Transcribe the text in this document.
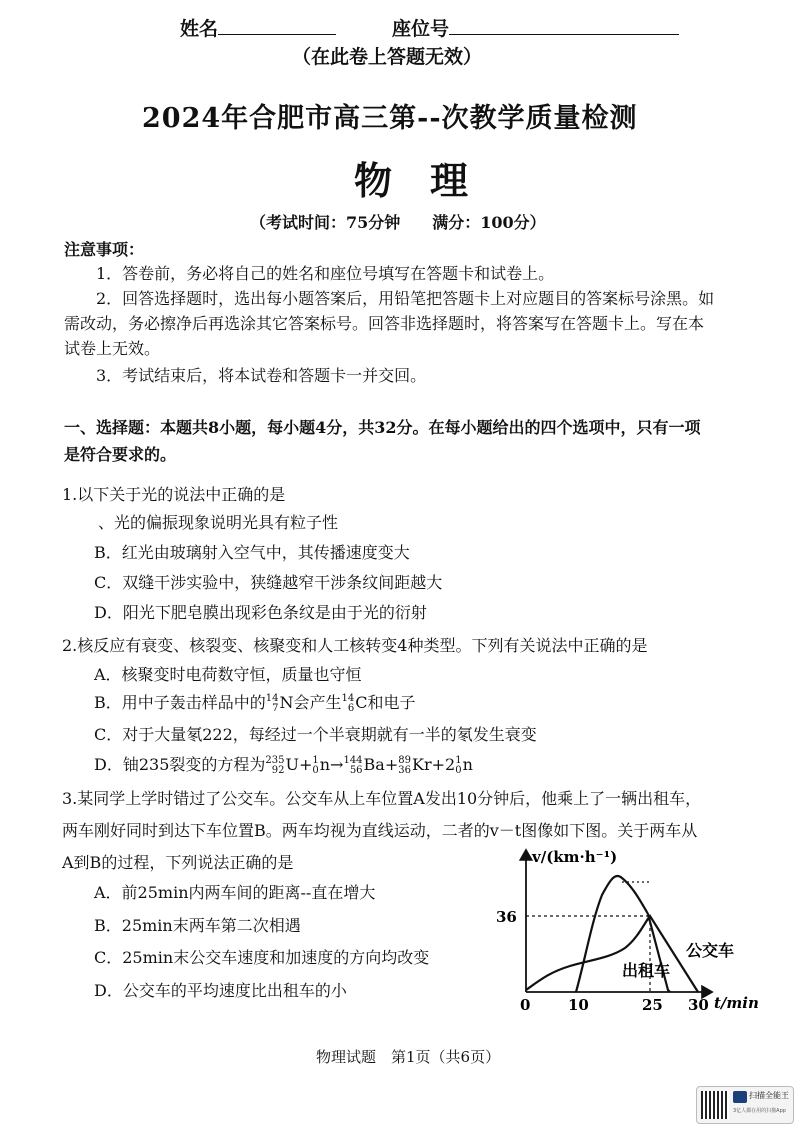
姓名	座位号
（在此卷上答题无效）
2024年合肥市高三第--次教学质量检测
物理
（考试时间：75分钟　　满分：100分）
注意事项：
1．答卷前，务必将自己的姓名和座位号填写在答题卡和试卷上。
2．回答选择题时，选出每小题答案后，用铅笔把答题卡上对应题目的答案标号涂黑。如
需改动，务必擦净后再选涂其它答案标号。回答非选择题时，将答案写在答题卡上。写在本
试卷上无效。
3．考试结束后，将本试卷和答题卡一并交回。
一、选择题：本题共8小题，每小题4分，共32分。在每小题给出的四个选项中，只有一项
是符合要求的。
1.以下关于光的说法中正确的是
、光的偏振现象说明光具有粒子性
B．红光由玻璃射入空气中，其传播速度变大
C．双缝干涉实验中，狭缝越窄干涉条纹间距越大
D．阳光下肥皂膜出现彩色条纹是由于光的衍射
2.核反应有衰变、核裂变、核聚变和人工核转变4种类型。下列有关说法中正确的是
A．核聚变时电荷数守恒，质量也守恒
B．用中子轰击样品中的 14
7 N会产生 14
6 C和电子
C．对于大量氡222，每经过一个半衰期就有一半的氡发生衰变
D．铀235裂变的方程为 235
92 U+ 1
0 n→ 144
56 Ba+ 89
36 Kr+2 1
0 n
3.某同学上学时错过了公交车。公交车从上车位置A发出10分钟后，他乘上了一辆出租车，
两车刚好同时到达下车位置B。两车均视为直线运动，二者的v－t图像如下图。关于两车从
A到B的过程，下列说法正确的是
A．前25min内两车间的距离--直在增大
B．25min末两车第二次相遇
C．25min末公交车速度和加速度的方向均改变
D．公交车的平均速度比出租车的小
v/(km·h⁻¹)
t/min
36
0	10	25 30
公交车
出租车
物理试题　第1页（共6页）
扫描全能王
3亿人都在用的扫描App
